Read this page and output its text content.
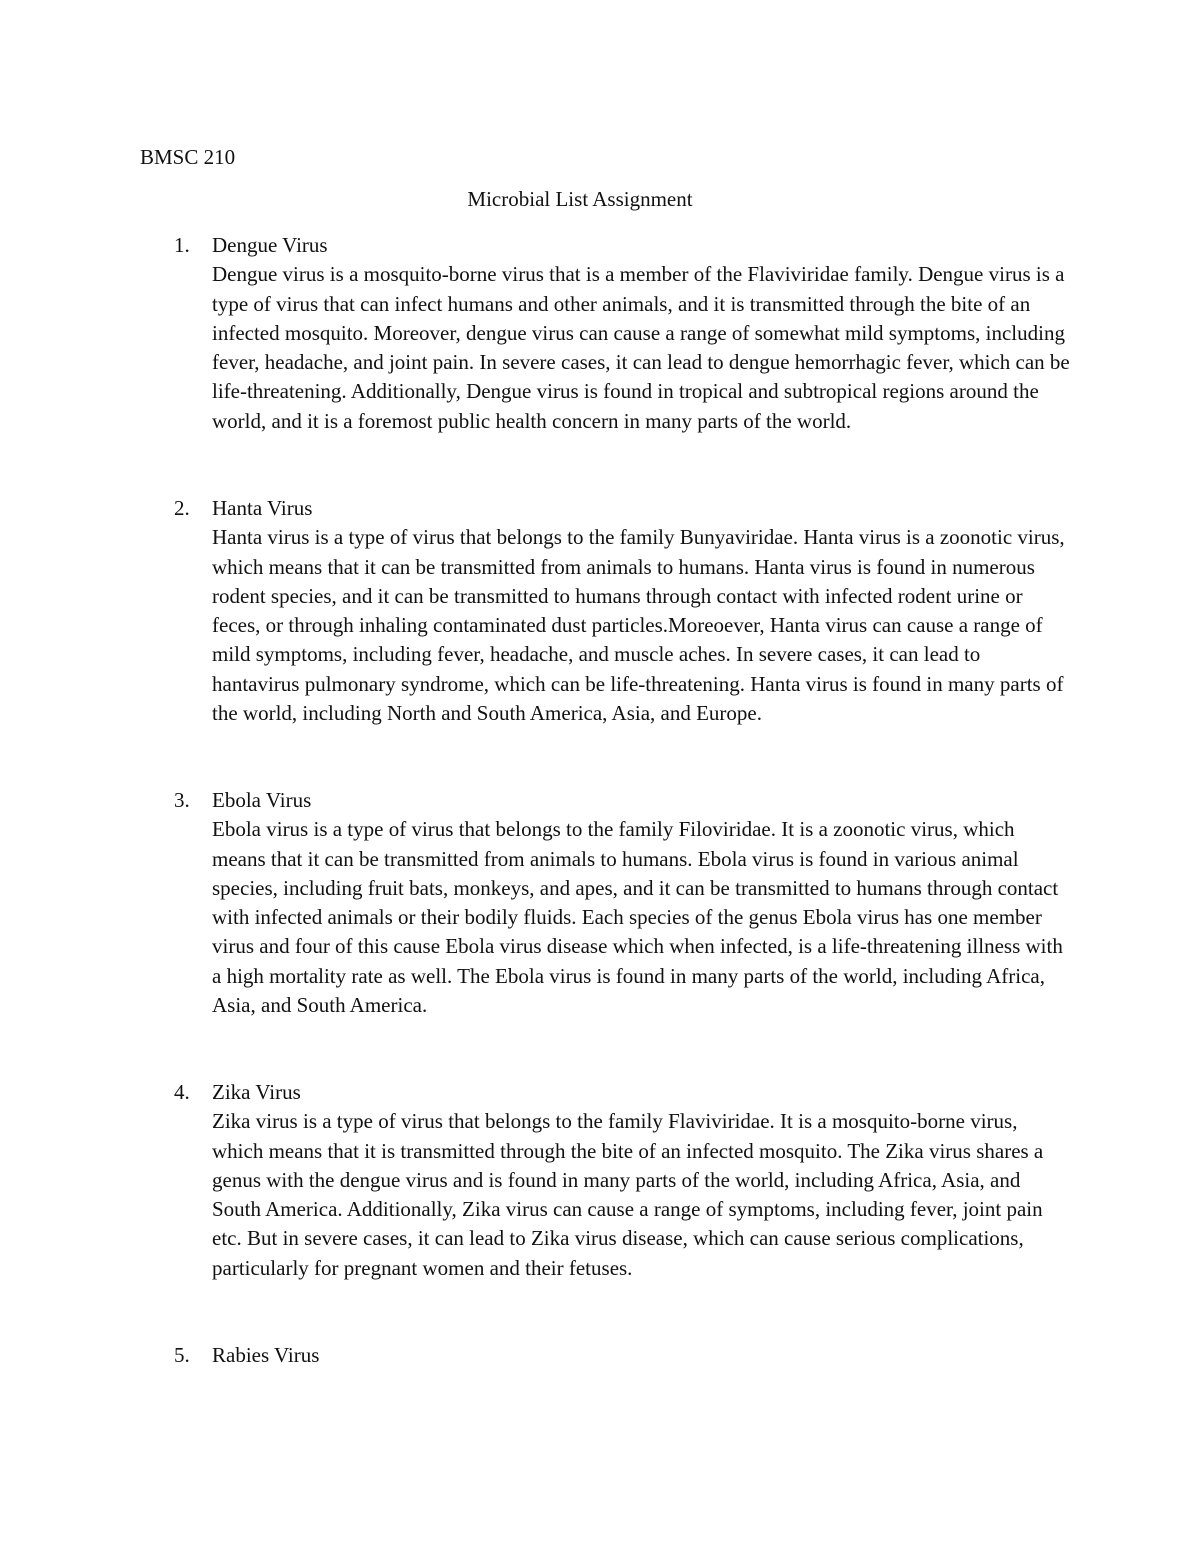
BMSC 210

Microbial List Assignment

1. Dengue Virus
Dengue virus is a mosquito-borne virus that is a member of the Flaviviridae family. Dengue virus is a type of virus that can infect humans and other animals, and it is transmitted through the bite of an infected mosquito. Moreover, dengue virus can cause a range of somewhat mild symptoms, including fever, headache, and joint pain. In severe cases, it can lead to dengue hemorrhagic fever, which can be life-threatening. Additionally, Dengue virus is found in tropical and subtropical regions around the world, and it is a foremost public health concern in many parts of the world.
2. Hanta Virus
Hanta virus is a type of virus that belongs to the family Bunyaviridae. Hanta virus is a zoonotic virus, which means that it can be transmitted from animals to humans. Hanta virus is found in numerous rodent species, and it can be transmitted to humans through contact with infected rodent urine or feces, or through inhaling contaminated dust particles.Moreoever, Hanta virus can cause a range of mild symptoms, including fever, headache, and muscle aches. In severe cases, it can lead to hantavirus pulmonary syndrome, which can be life-threatening. Hanta virus is found in many parts of the world, including North and South America, Asia, and Europe.
3. Ebola Virus
Ebola virus is a type of virus that belongs to the family Filoviridae. It is a zoonotic virus, which means that it can be transmitted from animals to humans. Ebola virus is found in various animal species, including fruit bats, monkeys, and apes, and it can be transmitted to humans through contact with infected animals or their bodily fluids. Each species of the genus Ebola virus has one member virus and four of this cause Ebola virus disease which when infected, is a life-threatening illness with a high mortality rate as well. The Ebola virus is found in many parts of the world, including Africa, Asia, and South America.
4. Zika Virus
Zika virus is a type of virus that belongs to the family Flaviviridae. It is a mosquito-borne virus, which means that it is transmitted through the bite of an infected mosquito. The Zika virus shares a genus with the dengue virus and is found in many parts of the world, including Africa, Asia, and South America. Additionally, Zika virus can cause a range of symptoms, including fever, joint pain etc. But in severe cases, it can lead to Zika virus disease, which can cause serious complications, particularly for pregnant women and their fetuses.
5. Rabies Virus
